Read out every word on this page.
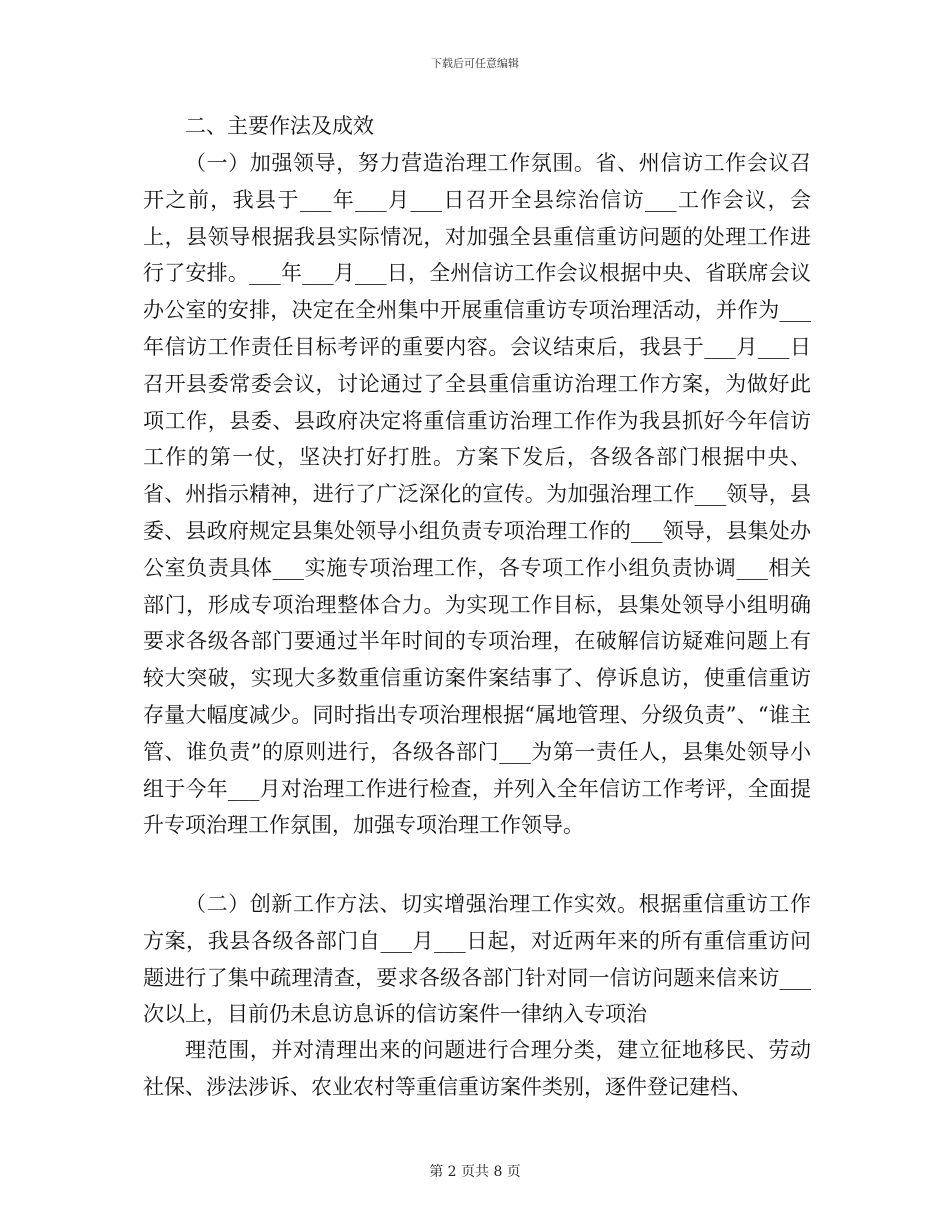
下载后可任意编辑

二、主要作法及成效

（一）加强领导，努力营造治理工作氛围。省、州信访工作会议召开之前，我县于___年___月___日召开全县综治信访___工作会议，会上，县领导根据我县实际情况，对加强全县重信重访问题的处理工作进行了安排。___年___月___日，全州信访工作会议根据中央、省联席会议办公室的安排，决定在全州集中开展重信重访专项治理活动，并作为___年信访工作责任目标考评的重要内容。会议结束后，我县于___月___日召开县委常委会议，讨论通过了全县重信重访治理工作方案，为做好此项工作，县委、县政府决定将重信重访治理工作作为我县抓好今年信访工作的第一仗，坚决打好打胜。方案下发后，各级各部门根据中央、省、州指示精神，进行了广泛深化的宣传。为加强治理工作___领导，县委、县政府规定县集处领导小组负责专项治理工作的___领导，县集处办公室负责具体___实施专项治理工作，各专项工作小组负责协调___相关部门，形成专项治理整体合力。为实现工作目标，县集处领导小组明确要求各级各部门要通过半年时间的专项治理，在破解信访疑难问题上有较大突破，实现大多数重信重访案件案结事了、停诉息访，使重信重访存量大幅度减少。同时指出专项治理根据“属地管理、分级负责”、“谁主管、谁负责”的原则进行，各级各部门___为第一责任人，县集处领导小组于今年___月对治理工作进行检查，并列入全年信访工作考评，全面提升专项治理工作氛围，加强专项治理工作领导。

（二）创新工作方法、切实增强治理工作实效。根据重信重访工作方案，我县各级各部门自___月___日起，对近两年来的所有重信重访问题进行了集中疏理清查，要求各级各部门针对同一信访问题来信来访___次以上，目前仍未息访息诉的信访案件一律纳入专项治

理范围，并对清理出来的问题进行合理分类，建立征地移民、劳动社保、涉法涉诉、农业农村等重信重访案件类别，逐件登记建档、

第 2 页共 8 页
